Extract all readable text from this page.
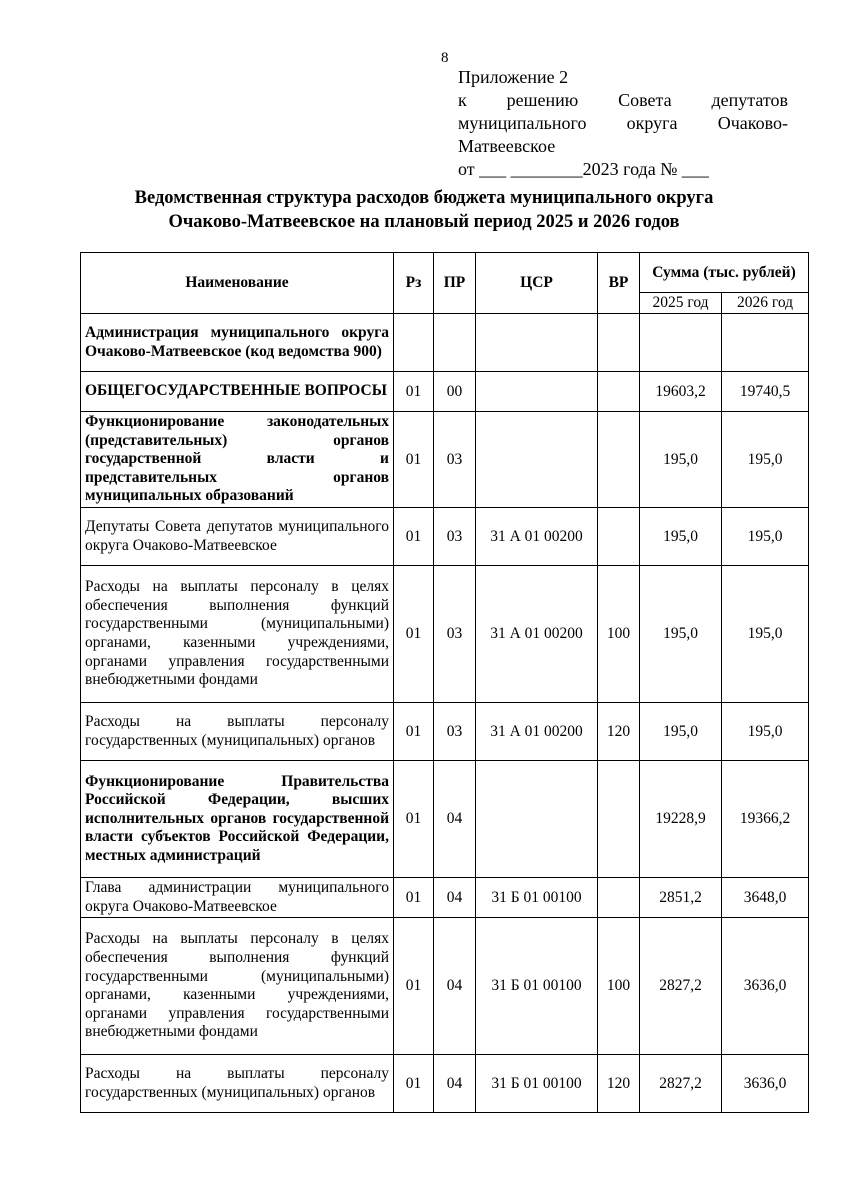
8
Приложение 2
к решению Совета депутатов
муниципального округа Очаково-
Матвеевское
от ___ ________2023 года № ___
Ведомственная структура расходов бюджета муниципального округа
Очаково-Матвеевское на плановый период 2025 и 2026 годов
Наименование	Рз	ПР	ЦСР	ВР	Сумма (тыс. рублей)	
					2025 год	2026 год
Администрация муниципального округа Очаково-Матвеевское (код ведомства 900)						
ОБЩЕГОСУДАРСТВЕННЫЕ ВОПРОСЫ	01	00			19603,2	19740,5
Функционирование законодательных (представительных) органов государственной власти и представительных органов муниципальных образований	01	03			195,0	195,0
Депутаты Совета депутатов муниципального округа Очаково-Матвеевское	01	03	31 А 01 00200		195,0	195,0
Расходы на выплаты персоналу в целях обеспечения выполнения функций государственными (муниципальными) органами, казенными учреждениями, органами управления государственными внебюджетными фондами	01	03	31 А 01 00200	100	195,0	195,0
Расходы на выплаты персоналу государственных (муниципальных) органов	01	03	31 А 01 00200	120	195,0	195,0
Функционирование Правительства Российской Федерации, высших исполнительных органов государственной власти субъектов Российской Федерации, местных администраций	01	04			19228,9	19366,2
Глава администрации муниципального округа Очаково-Матвеевское	01	04	31 Б 01 00100		2851,2	3648,0
Расходы на выплаты персоналу в целях обеспечения выполнения функций государственными (муниципальными) органами, казенными учреждениями, органами управления государственными внебюджетными фондами	01	04	31 Б 01 00100	100	2827,2	3636,0
Расходы на выплаты персоналу государственных (муниципальных) органов	01	04	31 Б 01 00100	120	2827,2	3636,0
